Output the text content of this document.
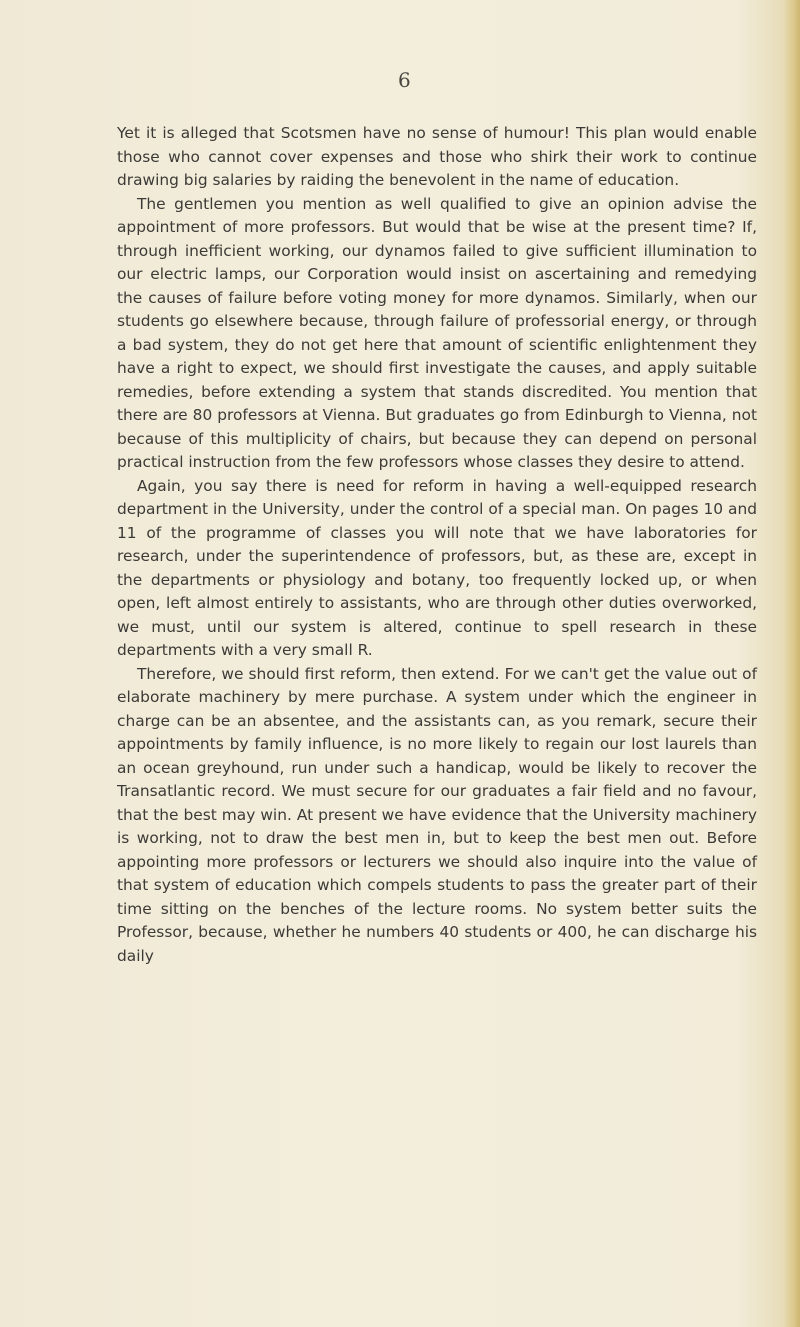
6

Yet it is alleged that Scotsmen have no sense of humour! This plan would enable those who cannot cover expenses and those who shirk their work to continue drawing big salaries by raiding the benevolent in the name of education.

The gentlemen you mention as well qualified to give an opinion advise the appointment of more professors. But would that be wise at the present time? If, through inefficient working, our dynamos failed to give sufficient illumination to our electric lamps, our Corporation would insist on ascertaining and remedying the causes of failure before voting money for more dynamos. Similarly, when our students go elsewhere because, through failure of professorial energy, or through a bad system, they do not get here that amount of scientific enlightenment they have a right to expect, we should first investigate the causes, and apply suitable remedies, before extending a system that stands discredited. You mention that there are 80 professors at Vienna. But graduates go from Edinburgh to Vienna, not because of this multiplicity of chairs, but because they can depend on personal practical instruction from the few professors whose classes they desire to attend.

Again, you say there is need for reform in having a well-equipped research department in the University, under the control of a special man. On pages 10 and 11 of the programme of classes you will note that we have laboratories for research, under the superintendence of professors, but, as these are, except in the departments or physiology and botany, too frequently locked up, or when open, left almost entirely to assistants, who are through other duties overworked, we must, until our system is altered, continue to spell research in these departments with a very small R.

Therefore, we should first reform, then extend. For we can't get the value out of elaborate machinery by mere purchase. A system under which the engineer in charge can be an absentee, and the assistants can, as you remark, secure their appointments by family influence, is no more likely to regain our lost laurels than an ocean greyhound, run under such a handicap, would be likely to recover the Transatlantic record. We must secure for our graduates a fair field and no favour, that the best may win. At present we have evidence that the University machinery is working, not to draw the best men in, but to keep the best men out. Before appointing more professors or lecturers we should also inquire into the value of that system of education which compels students to pass the greater part of their time sitting on the benches of the lecture rooms. No system better suits the Professor, because, whether he numbers 40 students or 400, he can discharge his daily
